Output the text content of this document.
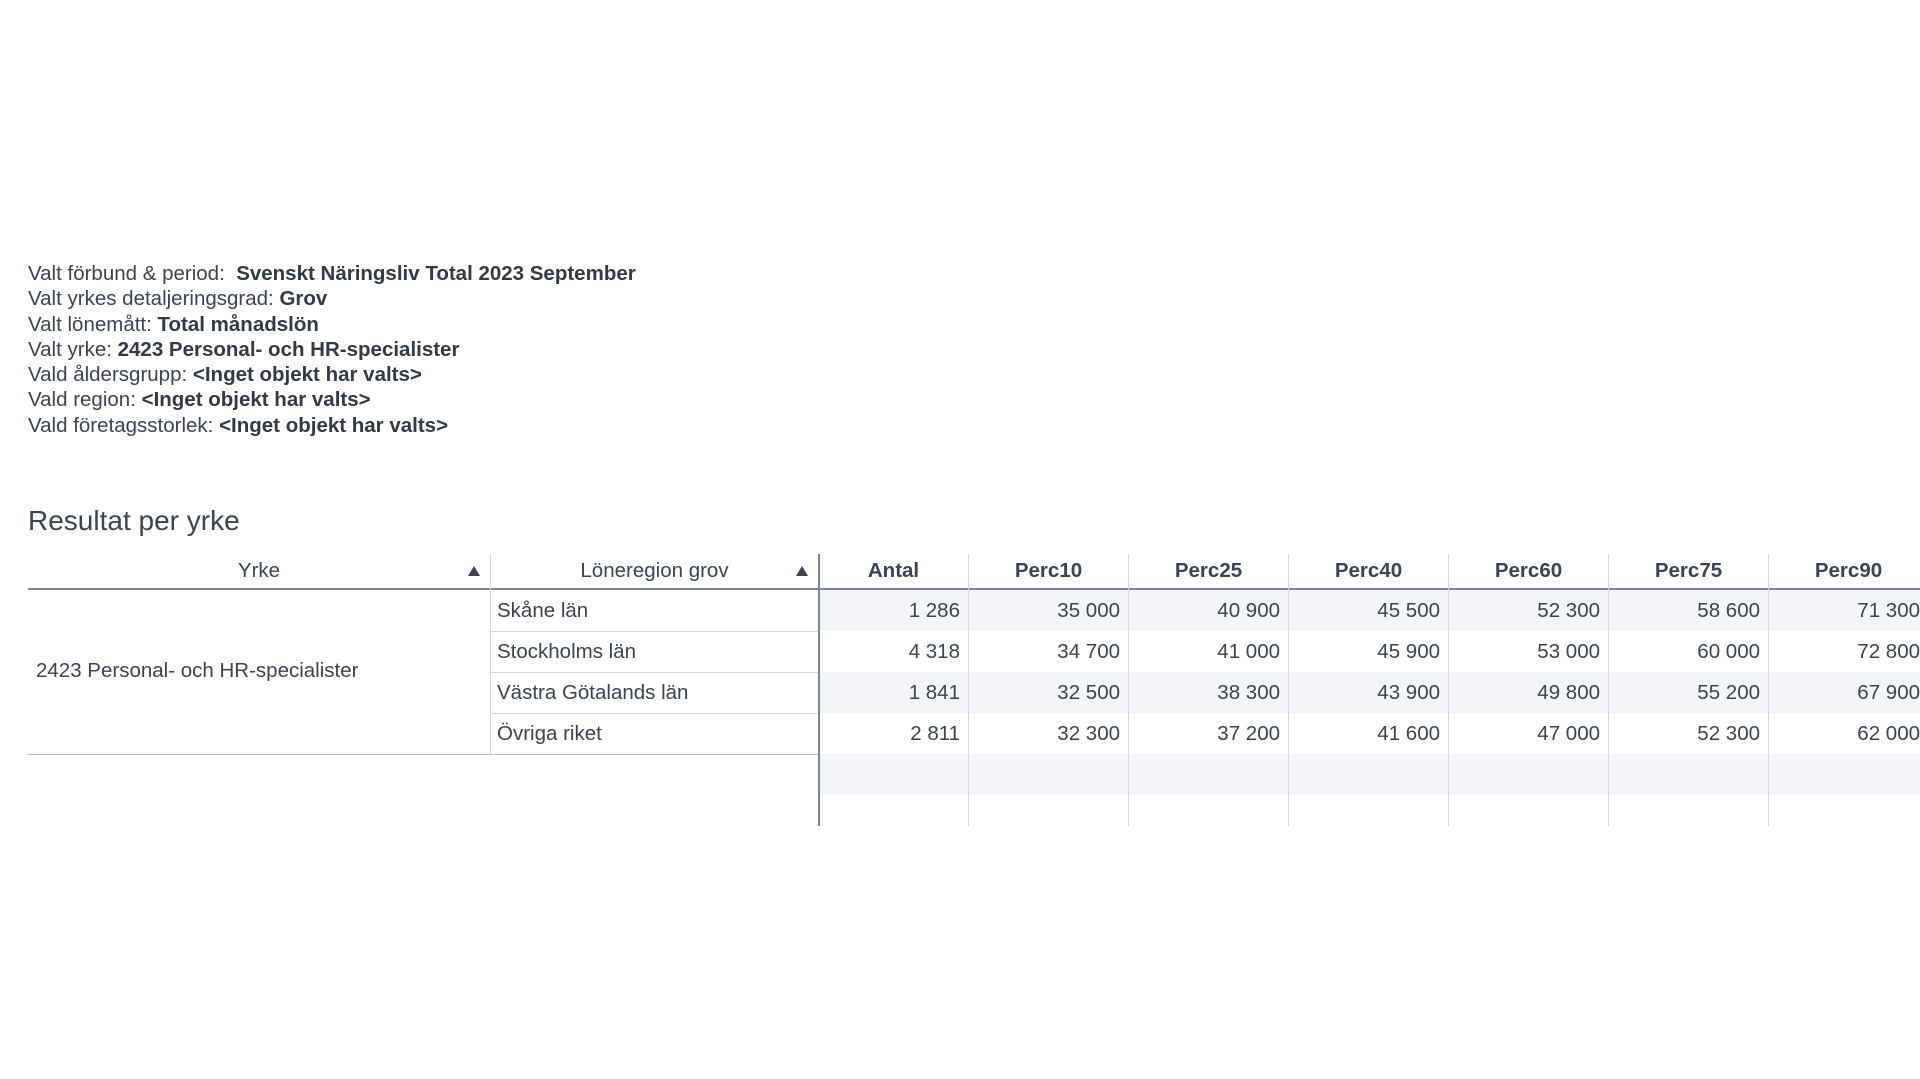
Valt förbund & period: Svenskt Näringsliv Total 2023 September
Valt yrkes detaljeringsgrad: Grov
Valt lönemått: Total månadslön
Valt yrke: 2423 Personal- och HR-specialister
Vald åldersgrupp: <Inget objekt har valts>
Vald region: <Inget objekt har valts>
Vald företagsstorlek: <Inget objekt har valts>
Resultat per yrke
Yrke	Löneregion grov	Antal	Perc10	Perc25	Perc40	Perc60	Perc75	Perc90
2423 Personal- och HR-specialister
Skåne län	1 286	35 000	40 900	45 500	52 300	58 600	71 300
Stockholms län	4 318	34 700	41 000	45 900	53 000	60 000	72 800
Västra Götalands län	1 841	32 500	38 300	43 900	49 800	55 200	67 900
Övriga riket	2 811	32 300	37 200	41 600	47 000	52 300	62 000
